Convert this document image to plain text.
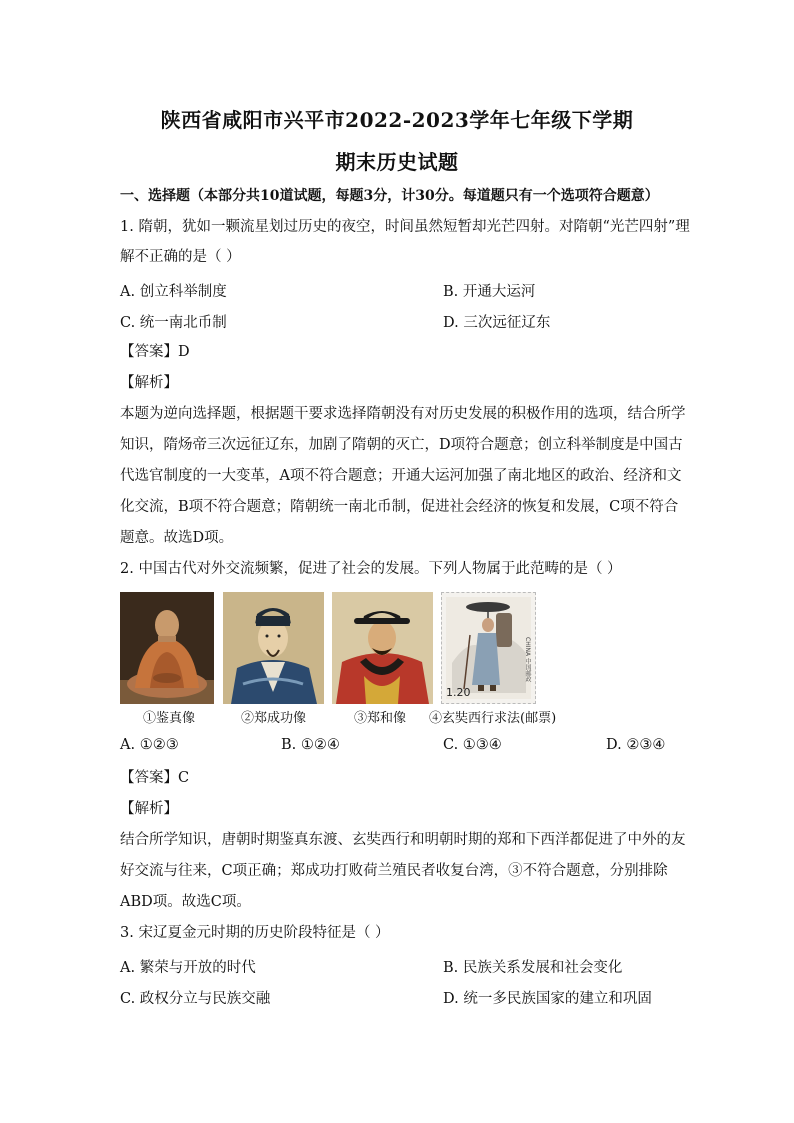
陕西省咸阳市兴平市2022-2023学年七年级下学期
期末历史试题
一、选择题（本部分共10道试题，每题3分，计30分。每道题只有一个选项符合题意）
1. 隋朝，犹如一颗流星划过历史的夜空，时间虽然短暂却光芒四射。对隋朝“光芒四射”理
解不正确的是（ ）
A. 创立科举制度	B. 开通大运河
C. 统一南北币制	D. 三次远征辽东
【答案】D
【解析】
本题为逆向选择题，根据题干要求选择隋朝没有对历史发展的积极作用的选项，结合所学
知识，隋炀帝三次远征辽东，加剧了隋朝的灭亡，D项符合题意；创立科举制度是中国古
代选官制度的一大变革，A项不符合题意；开通大运河加强了南北地区的政治、经济和文
化交流，B项不符合题意；隋朝统一南北币制，促进社会经济的恢复和发展，C项不符合
题意。故选D项。
2. 中国古代对外交流频繁，促进了社会的发展。下列人物属于此范畴的是（ ）
1.20
CHINA 中国邮政
①鉴真像	②郑成功像	③郑和像 ④玄奘西行求法(邮票)
A. ①②③	B. ①②④	C. ①③④	D. ②③④
【答案】C
【解析】
结合所学知识，唐朝时期鉴真东渡、玄奘西行和明朝时期的郑和下西洋都促进了中外的友
好交流与往来，C项正确；郑成功打败荷兰殖民者收复台湾，③不符合题意，分别排除
ABD项。故选C项。
3. 宋辽夏金元时期的历史阶段特征是（ ）
A. 繁荣与开放的时代	B. 民族关系发展和社会变化
C. 政权分立与民族交融	D. 统一多民族国家的建立和巩固
